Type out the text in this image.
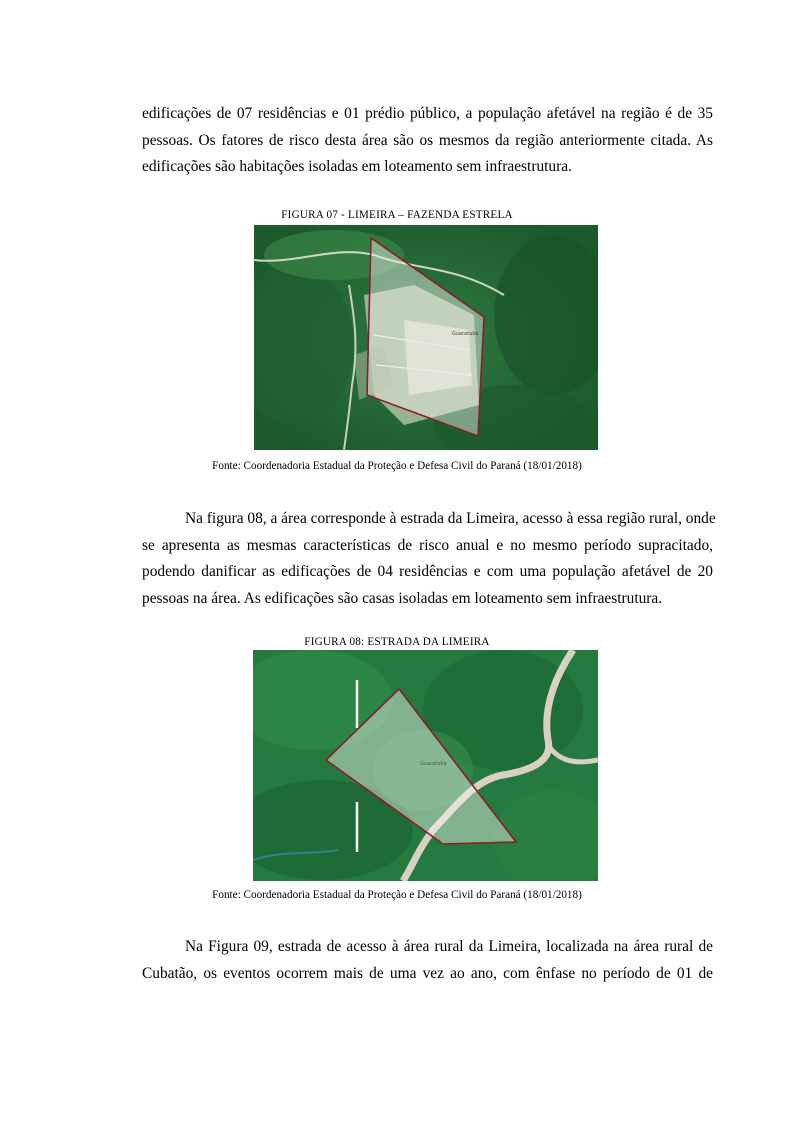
edificações de 07 residências e 01 prédio público, a população afetável na região é de 35
pessoas. Os fatores de risco desta área são os mesmos da região anteriormente citada. As
edificações são habitações isoladas em loteamento sem infraestrutura.

FIGURA 07 - LIMEIRA – FAZENDA ESTRELA

Guaratuba

Fonte: Coordenadoria Estadual da Proteção e Defesa Civil do Paraná (18/01/2018)

Na figura 08, a área corresponde à estrada da Limeira, acesso à essa região rural, onde
se apresenta as mesmas características de risco anual e no mesmo período supracitado,
podendo danificar as edificações de 04 residências e com uma população afetável de 20
pessoas na área. As edificações são casas isoladas em loteamento sem infraestrutura.

FIGURA 08: ESTRADA DA LIMEIRA

Guaratuba

Fonte: Coordenadoria Estadual da Proteção e Defesa Civil do Paraná (18/01/2018)

Na Figura 09, estrada de acesso à área rural da Limeira, localizada na área rural de
Cubatão, os eventos ocorrem mais de uma vez ao ano, com ênfase no período de 01 de
